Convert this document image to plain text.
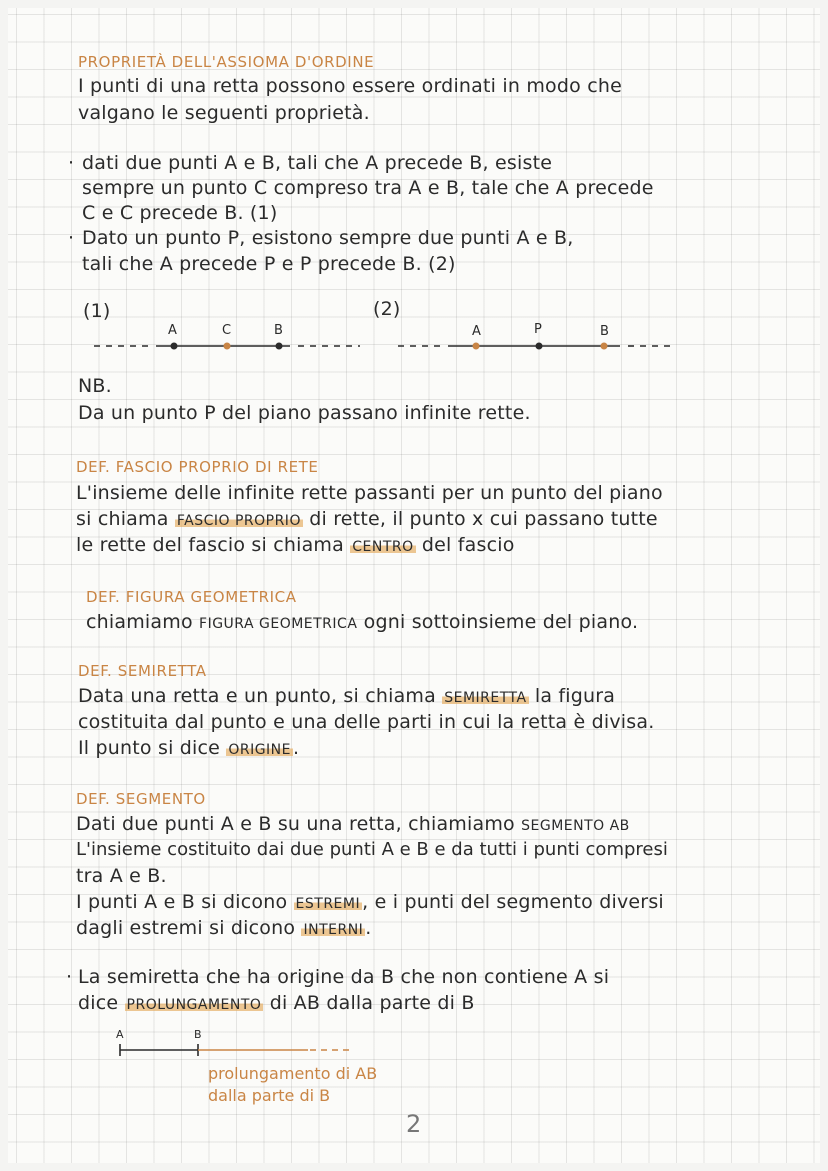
PROPRIETÀ DELL'ASSIOMA D'ORDINE
I punti di una retta possono essere ordinati in modo che
valgano le seguenti proprietà.
· dati due punti A e B, tali che A precede B, esiste
sempre un punto C compreso tra A e B, tale che A precede
C e C precede B. (1)
· Dato un punto P, esistono sempre due punti A e B,
tali che A precede P e P precede B. (2)
(1)	(2)
A	C	B	A	P	B
NB.
Da un punto P del piano passano infinite rette.
DEF. FASCIO PROPRIO DI RETE
L'insieme delle infinite rette passanti per un punto del piano
si chiama FASCIO PROPRIO di rette, il punto x cui passano tutte
le rette del fascio si chiama CENTRO del fascio
DEF. FIGURA GEOMETRICA
chiamiamo FIGURA GEOMETRICA ogni sottoinsieme del piano.
DEF. SEMIRETTA
Data una retta e un punto, si chiama SEMIRETTA la figura
costituita dal punto e una delle parti in cui la retta è divisa.
Il punto si dice ORIGINE .
DEF. SEGMENTO
Dati due punti A e B su una retta, chiamiamo SEGMENTO AB
L'insieme costituito dai due punti A e B e da tutti i punti compresi
tra A e B.
I punti A e B si dicono ESTREMI , e i punti del segmento diversi
dagli estremi si dicono INTERNI .
· La semiretta che ha origine da B che non contiene A si
dice PROLUNGAMENTO di AB dalla parte di B
A	B
prolungamento di AB
dalla parte di B
2
